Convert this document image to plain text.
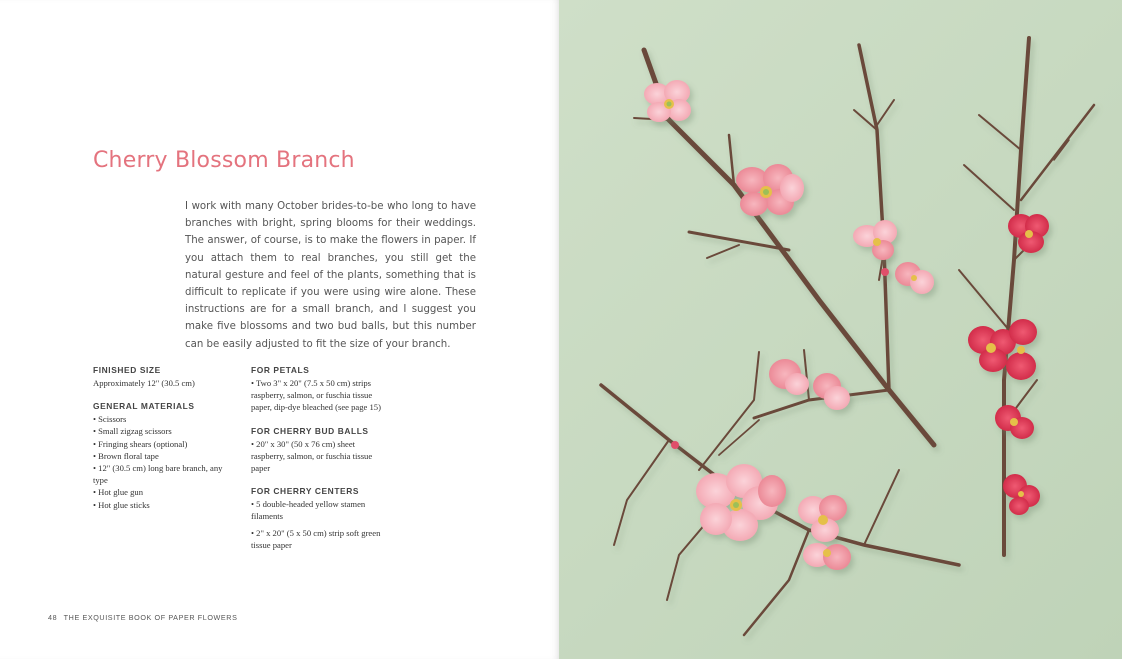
Cherry Blossom Branch
I work with many October brides-to-be who long to have branches with bright, spring blooms for their weddings. The answer, of course, is to make the flowers in paper. If you attach them to real branches, you still get the natural gesture and feel of the plants, something that is difficult to replicate if you were using wire alone. These instructions are for a small branch, and I suggest you make five blossoms and two bud balls, but this number can be easily adjusted to fit the size of your branch.
FINISHED SIZE
Approximately 12" (30.5 cm)
GENERAL MATERIALS
• Scissors
• Small zigzag scissors
• Fringing shears (optional)
• Brown floral tape
• 12" (30.5 cm) long bare branch, any type
• Hot glue gun
• Hot glue sticks
FOR PETALS
• Two 3" x 20" (7.5 x 50 cm) strips raspberry, salmon, or fuschia tissue paper, dip-dye bleached (see page 15)
FOR CHERRY BUD BALLS
• 20" x 30" (50 x 76 cm) sheet raspberry, salmon, or fuschia tissue paper
FOR CHERRY CENTERS
• 5 double-headed yellow stamen filaments
• 2" x 20" (5 x 50 cm) strip soft green tissue paper
48 THE EXQUISITE BOOK OF PAPER FLOWERS
